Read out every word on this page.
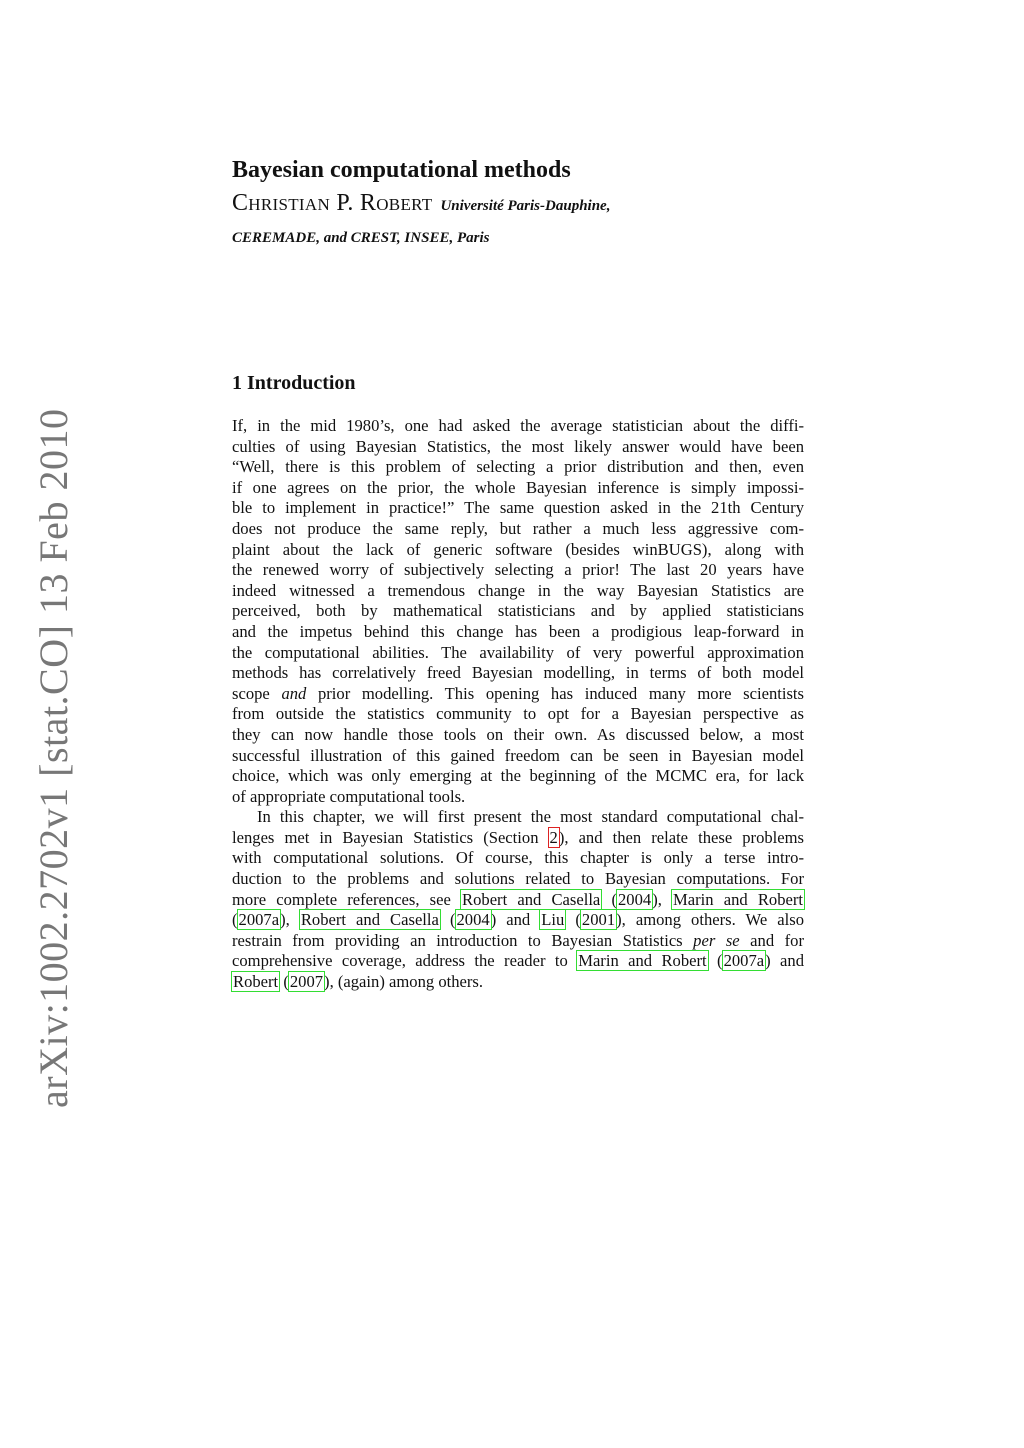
arXiv:1002.2702v1 [stat.CO] 13 Feb 2010
Bayesian computational methods
Christian P. Robert Université Paris-Dauphine,
CEREMADE, and CREST, INSEE, Paris
1 Introduction
If, in the mid 1980’s, one had asked the average statistician about the diffi-
culties of using Bayesian Statistics, the most likely answer would have been
“Well, there is this problem of selecting a prior distribution and then, even
if one agrees on the prior, the whole Bayesian inference is simply impossi-
ble to implement in practice!” The same question asked in the 21th Century
does not produce the same reply, but rather a much less aggressive com-
plaint about the lack of generic software (besides winBUGS), along with
the renewed worry of subjectively selecting a prior! The last 20 years have
indeed witnessed a tremendous change in the way Bayesian Statistics are
perceived, both by mathematical statisticians and by applied statisticians
and the impetus behind this change has been a prodigious leap-forward in
the computational abilities. The availability of very powerful approximation
methods has correlatively freed Bayesian modelling, in terms of both model
scope and prior modelling. This opening has induced many more scientists
from outside the statistics community to opt for a Bayesian perspective as
they can now handle those tools on their own. As discussed below, a most
successful illustration of this gained freedom can be seen in Bayesian model
choice, which was only emerging at the beginning of the MCMC era, for lack
of appropriate computational tools.
In this chapter, we will first present the most standard computational chal-
lenges met in Bayesian Statistics (Section 2), and then relate these problems
with computational solutions. Of course, this chapter is only a terse intro-
duction to the problems and solutions related to Bayesian computations. For
more complete references, see Robert and Casella (2004), Marin and Robert
(2007a), Robert and Casella (2004) and Liu (2001), among others. We also
restrain from providing an introduction to Bayesian Statistics per se and for
comprehensive coverage, address the reader to Marin and Robert (2007a) and
Robert (2007), (again) among others.
